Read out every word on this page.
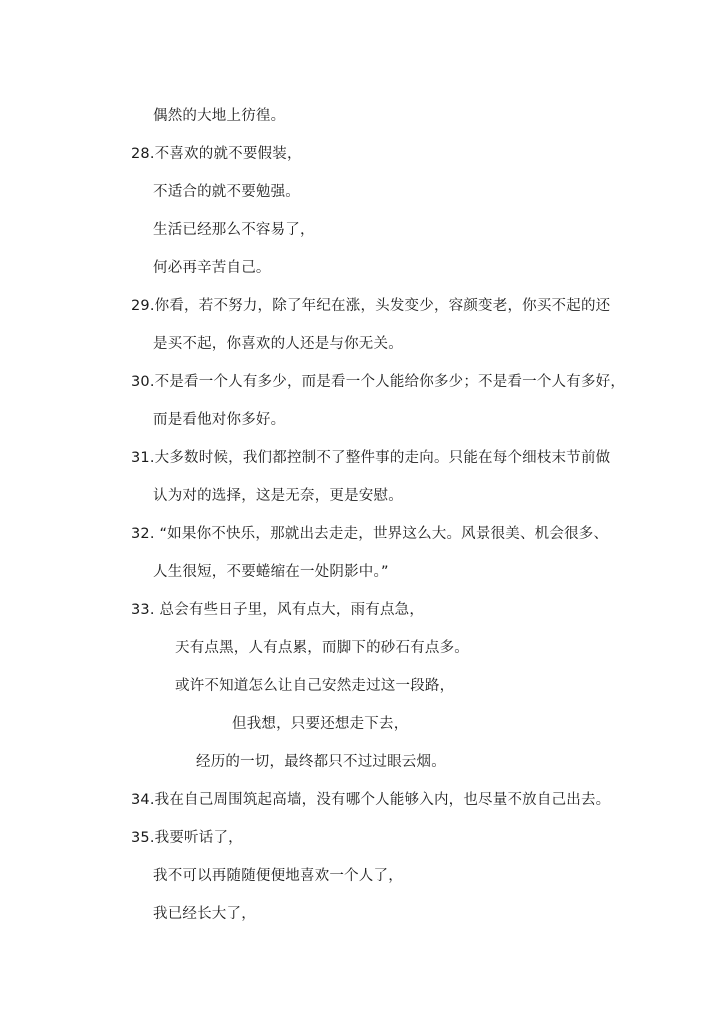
偶然的大地上彷徨。
28.不喜欢的就不要假装，
不适合的就不要勉强。
生活已经那么不容易了，
何必再辛苦自己。
29.你看，若不努力，除了年纪在涨，头发变少，容颜变老，你买不起的还
是买不起，你喜欢的人还是与你无关。
30.不是看一个人有多少，而是看一个人能给你多少；不是看一个人有多好，
而是看他对你多好。
31.大多数时候，我们都控制不了整件事的走向。只能在每个细枝末节前做
认为对的选择，这是无奈，更是安慰。
32. “如果你不快乐，那就出去走走，世界这么大。风景很美、机会很多、
人生很短，不要蜷缩在一处阴影中。”
33. 总会有些日子里，风有点大，雨有点急，
天有点黑，人有点累，而脚下的砂石有点多。
或许不知道怎么让自己安然走过这一段路，
但我想，只要还想走下去，
经历的一切，最终都只不过过眼云烟。
34.我在自己周围筑起高墙，没有哪个人能够入内，也尽量不放自己出去。
35.我要听话了，
我不可以再随随便便地喜欢一个人了，
我已经长大了，
